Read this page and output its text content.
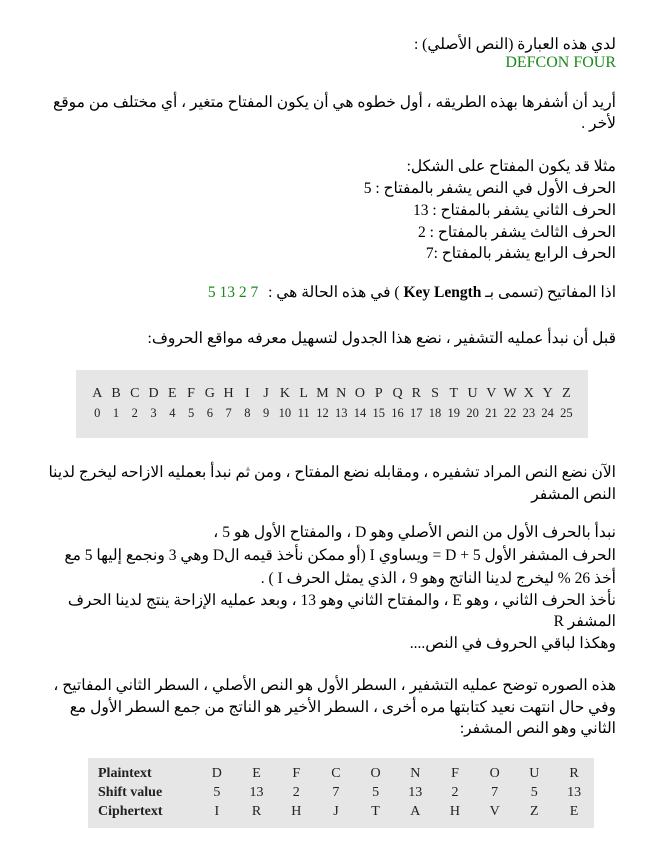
لدي هذه العبارة (النص الأصلي) :
DEFCON FOUR
أريد أن أشفرها بهذه الطريقه ، أول خطوه هي أن يكون المفتاح متغير ، أي مختلف من موقع
لأخر .
مثلا قد يكون المفتاح على الشكل:
الحرف الأول في النص يشفر بالمفتاح : 5
الحرف الثاني يشفر بالمفتاح : 13
الحرف الثالث يشفر بالمفتاح : 2
الحرف الرابع يشفر بالمفتاح :7
اذا المفاتيح (تسمى بـ Key Length ) في هذه الحالة هي : 5 13 2 7
قبل أن نبدأ عمليه التشفير ، نضع هذا الجدول لتسهيل معرفه مواقع الحروف:
A B C D E F G H I J K L M N O P Q R S T U V W X Y Z
0	1	2	3	4	5	6	7	8	9 10 11 12 13 14 15 16 17 18 19 20 21 22 23 24 25
الآن نضع النص المراد تشفيره ، ومقابله نضع المفتاح ، ومن ثم نبدأ بعمليه الازاحه ليخرج لدينا
النص المشفر
نبدأ بالحرف الأول من النص الأصلي وهو D ، والمفتاح الأول هو 5 ،
الحرف المشفر الأول D + 5 = ويساوي I (أو ممكن نأخذ قيمه الD وهي 3 ونجمع إليها 5 مع
أخذ 26 % ليخرج لدينا الناتج وهو 9 ، الذي يمثل الحرف I ) .
نأخذ الحرف الثاني ، وهو E ، والمفتاح الثاني وهو 13 ، وبعد عمليه الإزاحة ينتج لدينا الحرف
المشفر R
وهكذا لباقي الحروف في النص....
هذه الصوره توضح عمليه التشفير ، السطر الأول هو النص الأصلي ، السطر الثاني المفاتيح ،
وفي حال انتهت نعيد كتابتها مره أخرى ، السطر الأخير هو الناتج من جمع السطر الأول مع
الثاني وهو النص المشفر:
Plaintext	D	E	F	C	O	N	F	O	U	R
Shift value	5	13	2	7	5	13	2	7	5	13
Ciphertext	I	R	H	J	T	A	H	V	Z	E
